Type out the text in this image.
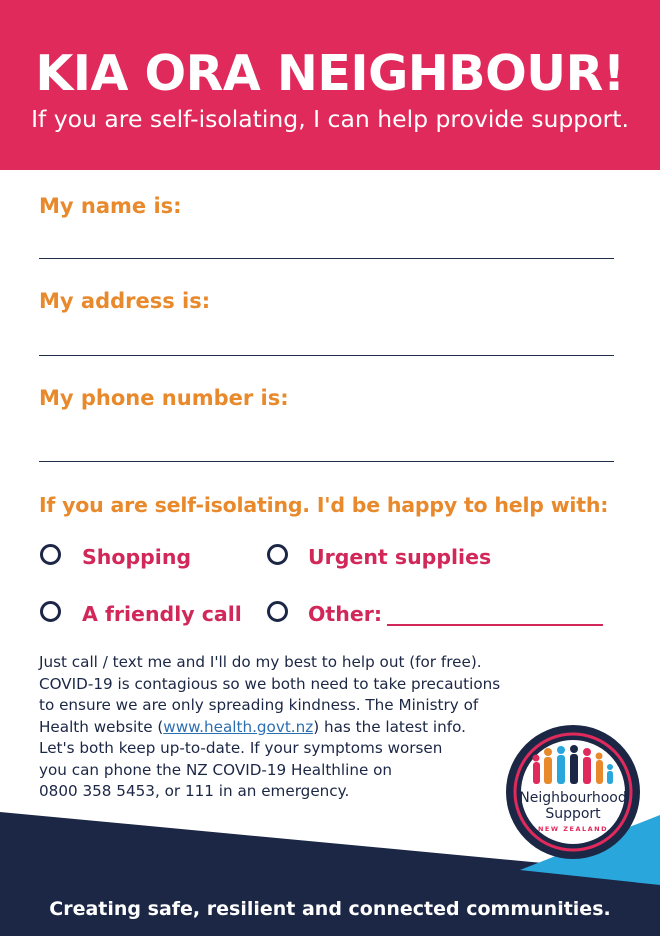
KIA ORA NEIGHBOUR!
If you are self-isolating, I can help provide support.
My name is:
My address is:
My phone number is:
If you are self-isolating. I'd be happy to help with:
Shopping	Urgent supplies
A friendly call	Other:

Just call / text me and I'll do my best to help out (for free).

COVID-19 is contagious so we both need to take precautions

to ensure we are only spreading kindness. The Ministry of

Health website (www.health.govt.nz) has the latest info.

Let's both keep up-to-date. If your symptoms worsen

you can phone the NZ COVID-19 Healthline on

0800 358 5453, or 111 in an emergency.	Neighbourhood
Support
NEW ZEALAND
Creating safe, resilient and connected communities.
